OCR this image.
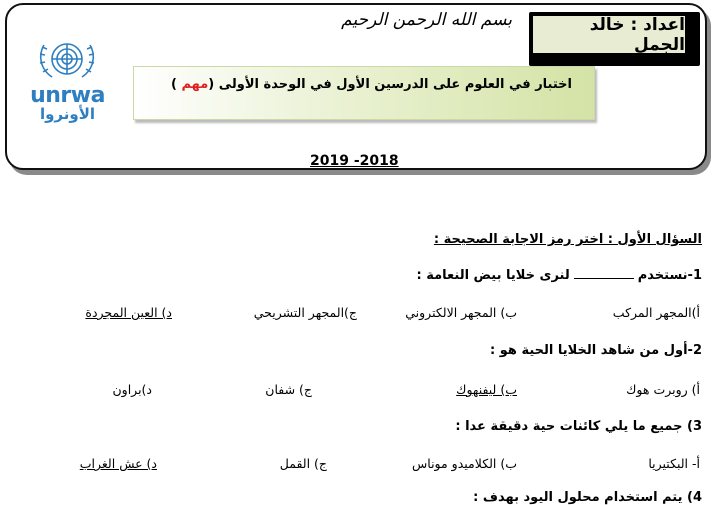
بسم الله الرحمن الرحيم	اعداد : خالد الجمل
اختبار في العلوم على الدرسين الأول في الوحدة الأولى (مهم )
unrwa
الأونروا
2019 -2018
السؤال الأول : اختر رمز الاجابة الصحيحة :
1-نستخدملنرى خلايا بيض النعامة :
أ)المجهر المركب
ب) المجهر الالكتروني
ج)المجهر التشريحي
د) العين المجردة
2-أول من شاهد الخلايا الحية هو :
أ) روبرت هوك
ب) ليفنهوك
ج) شفان
د)براون
3) جميع ما يلي كائنات حية دقيقة عدا :
أ- البكتيريا
ب) الكلاميدو موناس
ج) القمل
د) عش الغراب
4) يتم استخدام محلول اليود بهدف :
